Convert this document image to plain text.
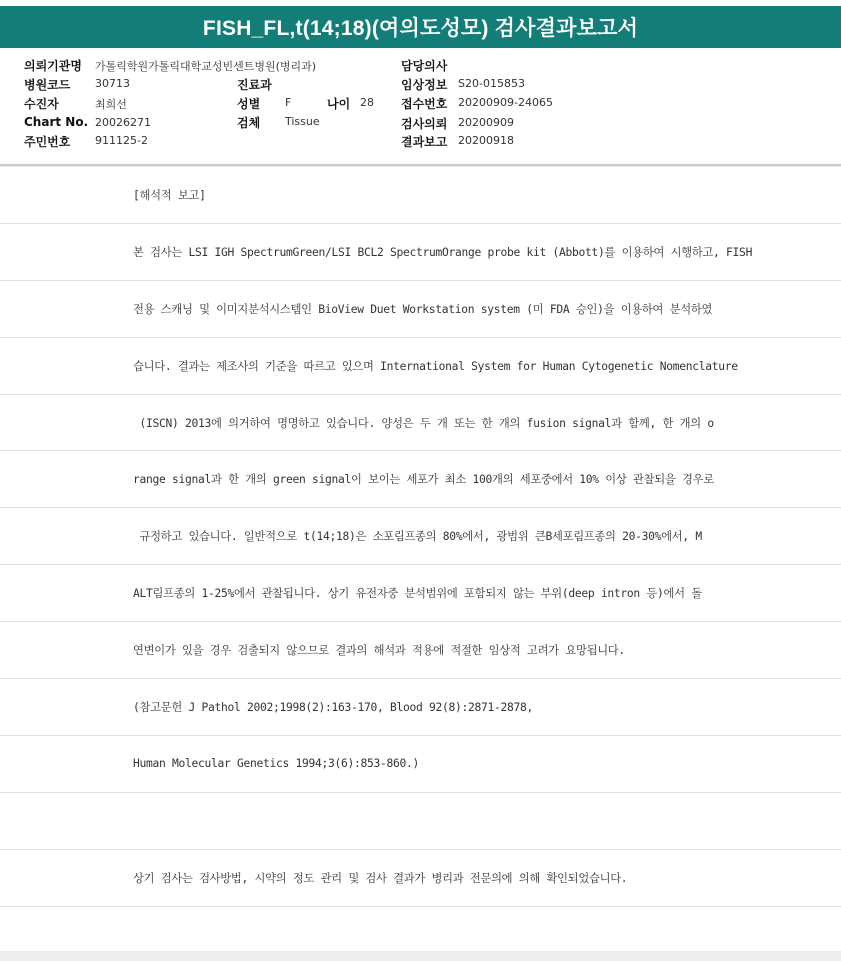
FISH_FL,t(14;18)(여의도성모) 검사결과보고서
의뢰기관명 가톨릭학원가톨릭대학교성빈센트병원(병리과)
병원코드 30713
수진자	최희선
Chart No. 20026271
주민번호 911125-2
진료과
성별 F	나이 28
검체 Tissue
담당의사
임상정보 S20-015853
접수번호 20200909-24065
검사의뢰 20200909
결과보고 20200918
[해석적 보고]
본 검사는 LSI IGH SpectrumGreen/LSI BCL2 SpectrumOrange probe kit (Abbott)를 이용하여 시행하고, FISH
전용 스캐닝 및 이미지분석시스템인 BioView Duet Workstation system (미 FDA 승인)을 이용하여 분석하였
습니다. 결과는 제조사의 기준을 따르고 있으며 International System for Human Cytogenetic Nomenclature
(ISCN) 2013에 의거하여 명명하고 있습니다. 양성은 두 개 또는 한 개의 fusion signal과 함께, 한 개의 o
range signal과 한 개의 green signal이 보이는 세포가 최소 100개의 세포중에서 10% 이상 관찰되을 경우로
규정하고 있습니다. 일반적으로 t(14;18)은 소포림프종의 80%에서, 광범위 큰B세포림프종의 20-30%에서, M
ALT림프종의 1-25%에서 관찰됩니다. 상기 유전자중 분석범위에 포함되지 않는 부위(deep intron 등)에서 돌
연변이가 있을 경우 검출되지 않으므로 결과의 해석과 적용에 적절한 임상적 고려가 요망됩니다.
(참고문헌 J Pathol 2002;1998(2):163-170, Blood 92(8):2871-2878,
Human Molecular Genetics 1994;3(6):853-860.)
상기 검사는 검사방법, 시약의 정도 관리 및 검사 결과가 병리과 전문의에 의해 확인되었습니다.
